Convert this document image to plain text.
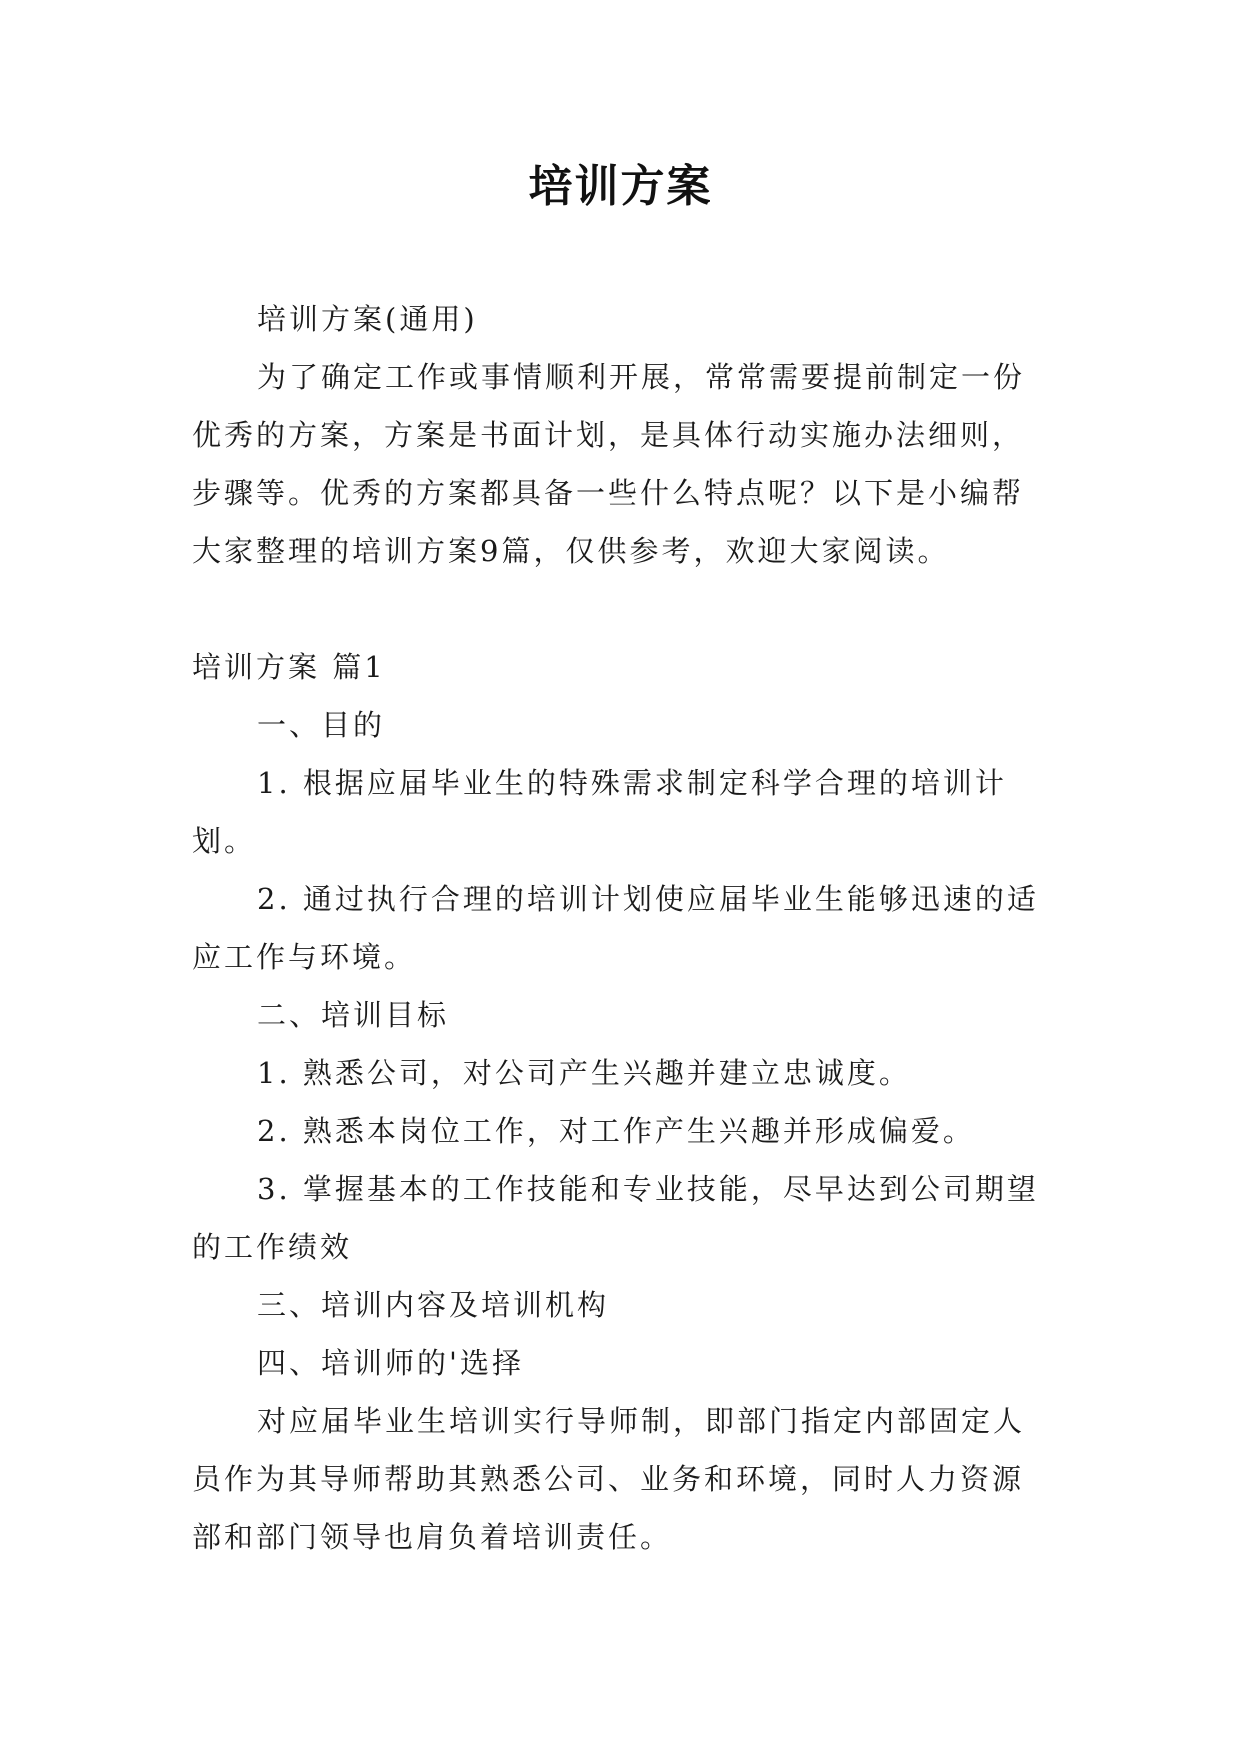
培训方案

培训方案(通用)

为了确定工作或事情顺利开展，常常需要提前制定一份优秀的方案，方案是书面计划，是具体行动实施办法细则，步骤等。优秀的方案都具备一些什么特点呢？以下是小编帮大家整理的培训方案9篇，仅供参考，欢迎大家阅读。

培训方案 篇1

一、目的

1. 根据应届毕业生的特殊需求制定科学合理的培训计划。

2. 通过执行合理的培训计划使应届毕业生能够迅速的适应工作与环境。

二、培训目标

1. 熟悉公司，对公司产生兴趣并建立忠诚度。

2. 熟悉本岗位工作，对工作产生兴趣并形成偏爱。

3. 掌握基本的工作技能和专业技能，尽早达到公司期望的工作绩效

三、培训内容及培训机构

四、培训师的'选择

对应届毕业生培训实行导师制，即部门指定内部固定人员作为其导师帮助其熟悉公司、业务和环境，同时人力资源部和部门领导也肩负着培训责任。
